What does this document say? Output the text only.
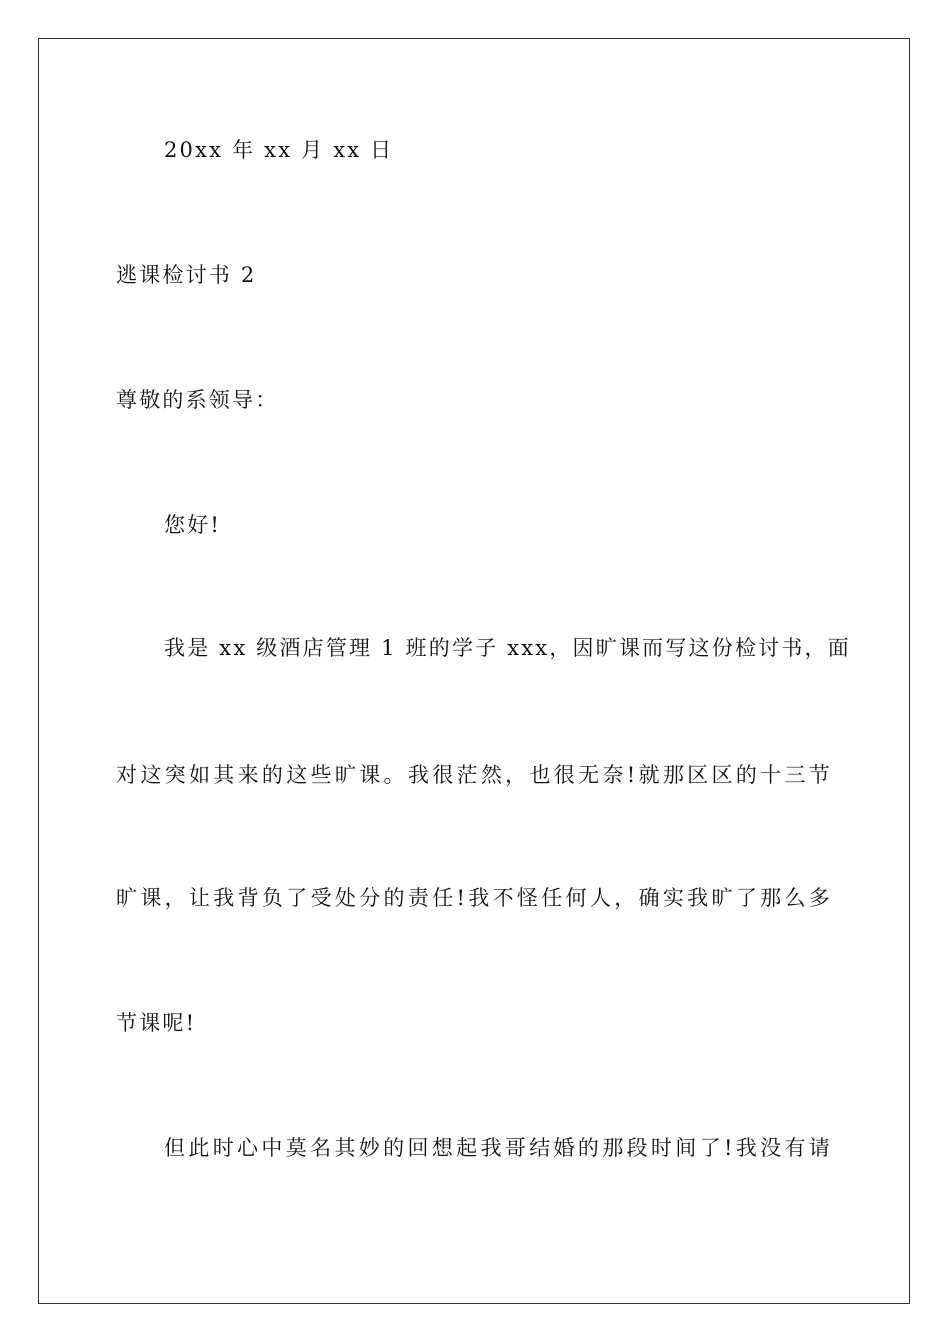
20xx 年 xx 月 xx 日
逃课检讨书 2
尊敬的系领导：
您好!
我是 xx 级酒店管理 1 班的学子 xxx，因旷课而写这份检讨书，面
对这突如其来的这些旷课。我很茫然，也很无奈!就那区区的十三节
旷课，让我背负了受处分的责任!我不怪任何人，确实我旷了那么多
节课呢!
但此时心中莫名其妙的回想起我哥结婚的那段时间了!我没有请
